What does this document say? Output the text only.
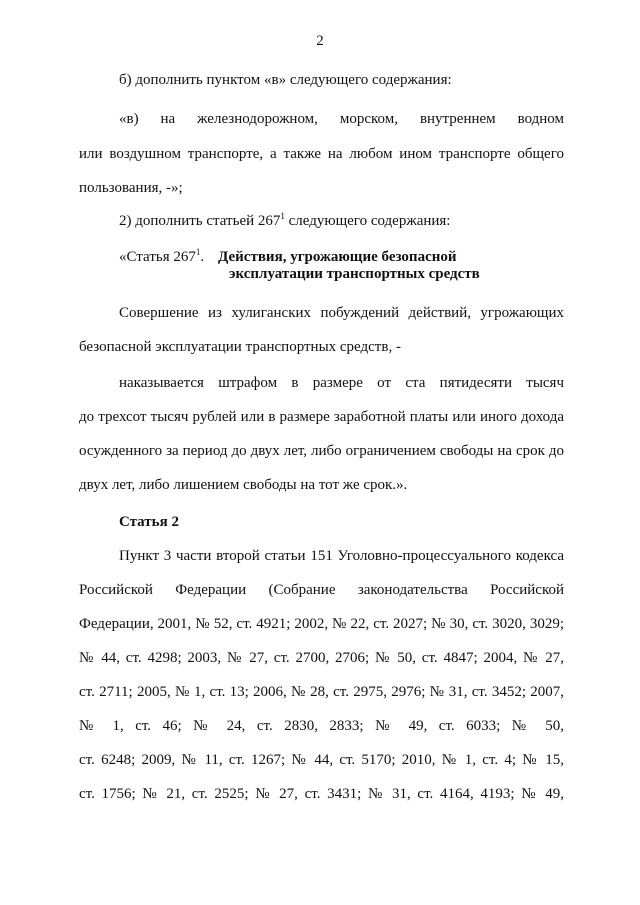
2
б) дополнить пунктом «в» следующего содержания:
«в) на железнодорожном, морском, внутреннем водном
или воздушном транспорте, а также на любом ином транспорте общего
пользования, -»;
2) дополнить статьей $267^1$ следующего содержания:
«Статья $267^1$. Действия, угрожающие безопасной
эксплуатации транспортных средств
Совершение из хулиганских побуждений действий, угрожающих
безопасной эксплуатации транспортных средств, -
наказывается штрафом в размере от ста пятидесяти тысяч
до трехсот тысяч рублей или в размере заработной платы или иного дохода
осужденного за период до двух лет, либо ограничением свободы на срок до
двух лет, либо лишением свободы на тот же срок.».
Статья 2
Пункт 3 части второй статьи 151 Уголовно-процессуального кодекса
Российской Федерации (Собрание законодательства Российской
Федерации, 2001, № 52, ст. 4921; 2002, № 22, ст. 2027; № 30, ст. 3020, 3029;
№ 44, ст. 4298; 2003, № 27, ст. 2700, 2706; № 50, ст. 4847; 2004, № 27,
ст. 2711; 2005, № 1, ст. 13; 2006, № 28, ст. 2975, 2976; № 31, ст. 3452; 2007,
№ 1, ст. 46; № 24, ст. 2830, 2833; № 49, ст. 6033; № 50,
ст. 6248; 2009, № 11, ст. 1267; № 44, ст. 5170; 2010, № 1, ст. 4; № 15,
ст. 1756; № 21, ст. 2525; № 27, ст. 3431; № 31, ст. 4164, 4193; № 49,
